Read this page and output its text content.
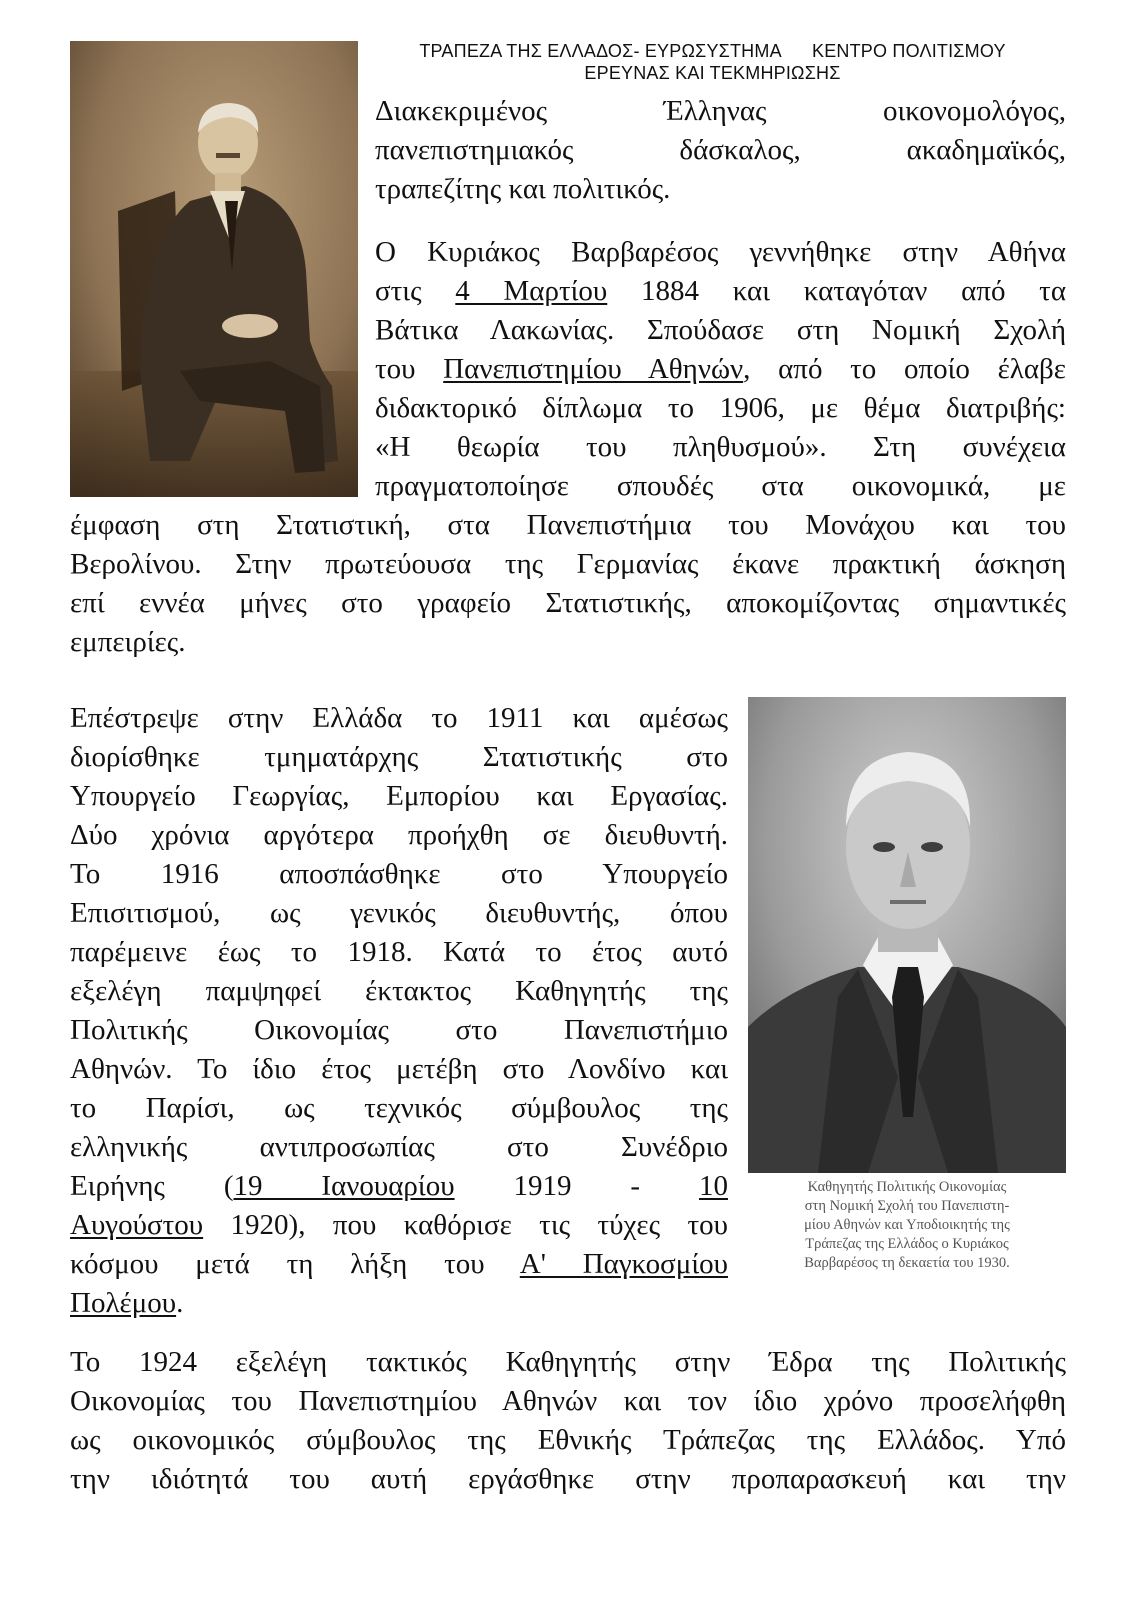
ΤΡΑΠΕΖΑ ΤΗΣ ΕΛΛΑΔΟΣ- ΕΥΡΩΣΥΣΤΗΜΑ      ΚΕΝΤΡΟ ΠΟΛΙΤΙΣΜΟΥ
ΕΡΕΥΝΑΣ ΚΑΙ ΤΕΚΜΗΡΙΩΣΗΣ
Διακεκριμένος Έλληνας οικονομολόγος,
πανεπιστημιακός δάσκαλος, ακαδημαϊκός,
τραπεζίτης και πολιτικός.
Ο Κυριάκος Βαρβαρέσος γεννήθηκε στην Αθήνα
στις 4 Μαρτίου 1884 και καταγόταν από τα
Βάτικα Λακωνίας. Σπούδασε στη Νομική Σχολή
του Πανεπιστημίου Αθηνών, από το οποίο έλαβε
διδακτορικό δίπλωμα το 1906, με θέμα διατριβής:
«Η θεωρία του πληθυσμού». Στη συνέχεια
πραγματοποίησε σπουδές στα οικονομικά, με
έμφαση στη Στατιστική, στα Πανεπιστήμια του Μονάχου και του
Βερολίνου. Στην πρωτεύουσα της Γερμανίας έκανε πρακτική άσκηση
επί εννέα μήνες στο γραφείο Στατιστικής, αποκομίζοντας σημαντικές
εμπειρίες.
Καθηγητής Πολιτικής Οικονομίας
στη Νομική Σχολή του Πανεπιστη-
μίου Αθηνών και Υποδιοικητής της
Τράπεζας της Ελλάδος ο Κυριάκος
Βαρβαρέσος τη δεκαετία του 1930.
Επέστρεψε στην Ελλάδα το 1911 και αμέσως
διορίσθηκε τμηματάρχης Στατιστικής στο
Υπουργείο Γεωργίας, Εμπορίου και Εργασίας.
Δύο χρόνια αργότερα προήχθη σε διευθυντή.
Το 1916 αποσπάσθηκε στο Υπουργείο
Επισιτισμού, ως γενικός διευθυντής, όπου
παρέμεινε έως το 1918. Κατά το έτος αυτό
εξελέγη παμψηφεί έκτακτος Καθηγητής της
Πολιτικής Οικονομίας στο Πανεπιστήμιο
Αθηνών. Το ίδιο έτος μετέβη στο Λονδίνο και
το Παρίσι, ως τεχνικός σύμβουλος της
ελληνικής αντιπροσωπίας στο Συνέδριο
Ειρήνης (19 Ιανουαρίου 1919 - 10
Αυγούστου 1920), που καθόρισε τις τύχες του
κόσμου μετά τη λήξη του Α' Παγκοσμίου
Πολέμου.
Το 1924 εξελέγη τακτικός Καθηγητής στην Έδρα της Πολιτικής
Οικονομίας του Πανεπιστημίου Αθηνών και τον ίδιο χρόνο προσελήφθη
ως οικονομικός σύμβουλος της Εθνικής Τράπεζας της Ελλάδος. Υπό
την ιδιότητά του αυτή εργάσθηκε στην προπαρασκευή και την
